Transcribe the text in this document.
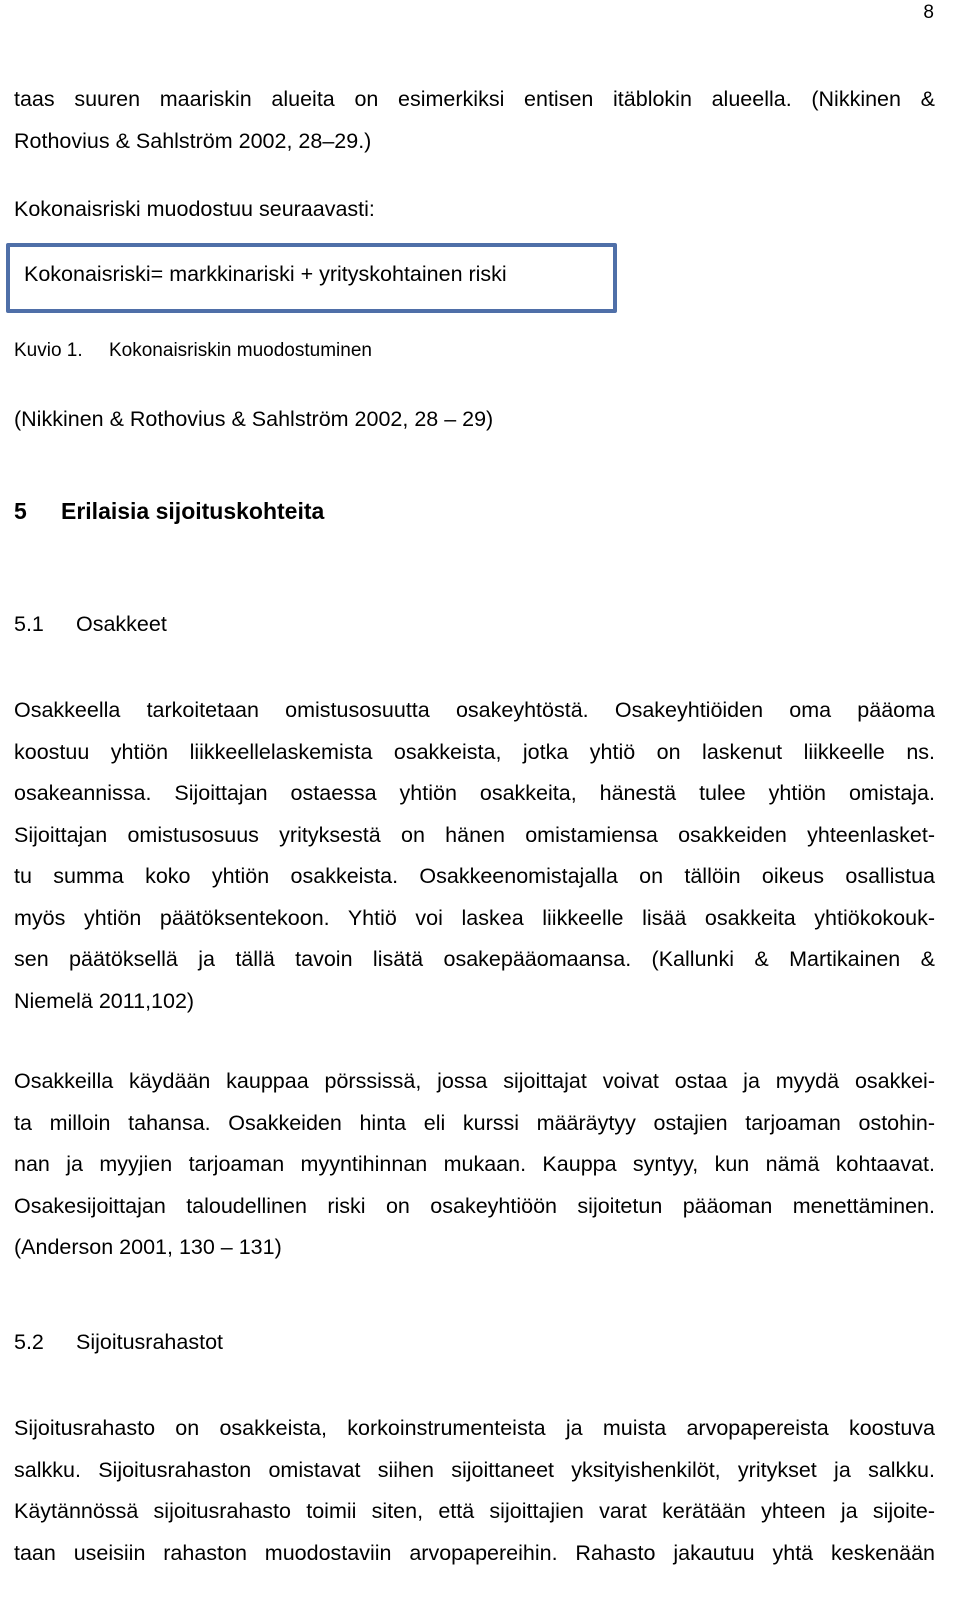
8
taas suuren maariskin alueita on esimerkiksi entisen itäblokin alueella. (Nikkinen &
Rothovius & Sahlström 2002, 28–29.)
Kokonaisriski muodostuu seuraavasti:
Kokonaisriski= markkinariski + yrityskohtainen riski
Kuvio 1. Kokonaisriskin muodostuminen
(Nikkinen & Rothovius & Sahlström 2002, 28 – 29)
5 Erilaisia sijoituskohteita
5.1 Osakkeet
Osakkeella tarkoitetaan omistusosuutta osakeyhtöstä. Osakeyhtiöiden oma pääoma
koostuu yhtiön liikkeellelaskemista osakkeista, jotka yhtiö on laskenut liikkeelle ns.
osakeannissa. Sijoittajan ostaessa yhtiön osakkeita, hänestä tulee yhtiön omistaja.
Sijoittajan omistusosuus yrityksestä on hänen omistamiensa osakkeiden yhteenlasket-
tu summa koko yhtiön osakkeista. Osakkeenomistajalla on tällöin oikeus osallistua
myös yhtiön päätöksentekoon. Yhtiö voi laskea liikkeelle lisää osakkeita yhtiökokouk-
sen päätöksellä ja tällä tavoin lisätä osakepääomaansa. (Kallunki & Martikainen &
Niemelä 2011,102)
Osakkeilla käydään kauppaa pörssissä, jossa sijoittajat voivat ostaa ja myydä osakkei-
ta milloin tahansa. Osakkeiden hinta eli kurssi määräytyy ostajien tarjoaman ostohin-
nan ja myyjien tarjoaman myyntihinnan mukaan. Kauppa syntyy, kun nämä kohtaavat.
Osakesijoittajan taloudellinen riski on osakeyhtiöön sijoitetun pääoman menettäminen.
(Anderson 2001, 130 – 131)
5.2 Sijoitusrahastot
Sijoitusrahasto on osakkeista, korkoinstrumenteista ja muista arvopapereista koostuva
salkku. Sijoitusrahaston omistavat siihen sijoittaneet yksityishenkilöt, yritykset ja salkku.
Käytännössä sijoitusrahasto toimii siten, että sijoittajien varat kerätään yhteen ja sijoite-
taan useisiin rahaston muodostaviin arvopapereihin. Rahasto jakautuu yhtä keskenään
